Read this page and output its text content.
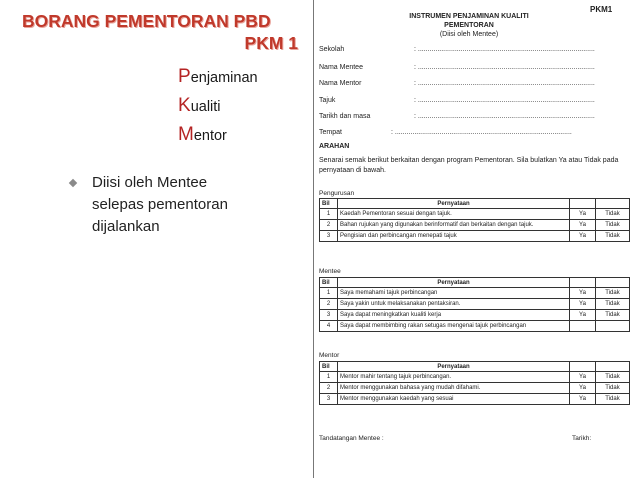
BORANG PEMENTORAN PBD
PKM 1
Penjaminan
Kualiti
Mentor
Diisi oleh Mentee selepas pementoran dijalankan
PKM1
INSTRUMEN PENJAMINAN KUALITI
PEMENTORAN
(Diisi oleh Mentee)
Sekolah	: ...........................................................................................
Nama Mentee	: ...........................................................................................
Nama Mentor	: ...........................................................................................
Tajuk	: ...........................................................................................
Tarikh dan masa	: ...........................................................................................
Tempat	: ...........................................................................................
ARAHAN
Senarai semak berikut berkaitan dengan program Pementoran. Sila bulatkan Ya atau Tidak pada pernyataan di bawah.
Pengurusan
Bil	Pernyataan		
1	Kaedah Pementoran sesuai dengan tajuk.	Ya	Tidak
2	Bahan rujukan yang digunakan berinformatif dan berkaitan dengan tajuk.	Ya	Tidak
3	Pengisian dan perbincangan menepati tajuk	Ya	Tidak
Mentee
Bil	Pernyataan		
1	Saya memahami tajuk perbincangan	Ya	Tidak
2	Saya yakin untuk melaksanakan pentaksiran.	Ya	Tidak
3	Saya dapat meningkatkan kualiti kerja	Ya	Tidak
4	Saya dapat membimbing rakan setugas mengenai tajuk perbincangan		
Mentor
Bil	Pernyataan		
1	Mentor mahir tentang tajuk perbincangan.	Ya	Tidak
2	Mentor menggunakan bahasa yang mudah difahami.	Ya	Tidak
3	Mentor menggunakan kaedah yang sesuai	Ya	Tidak
Tandatangan Mentee :	Tarikh:
